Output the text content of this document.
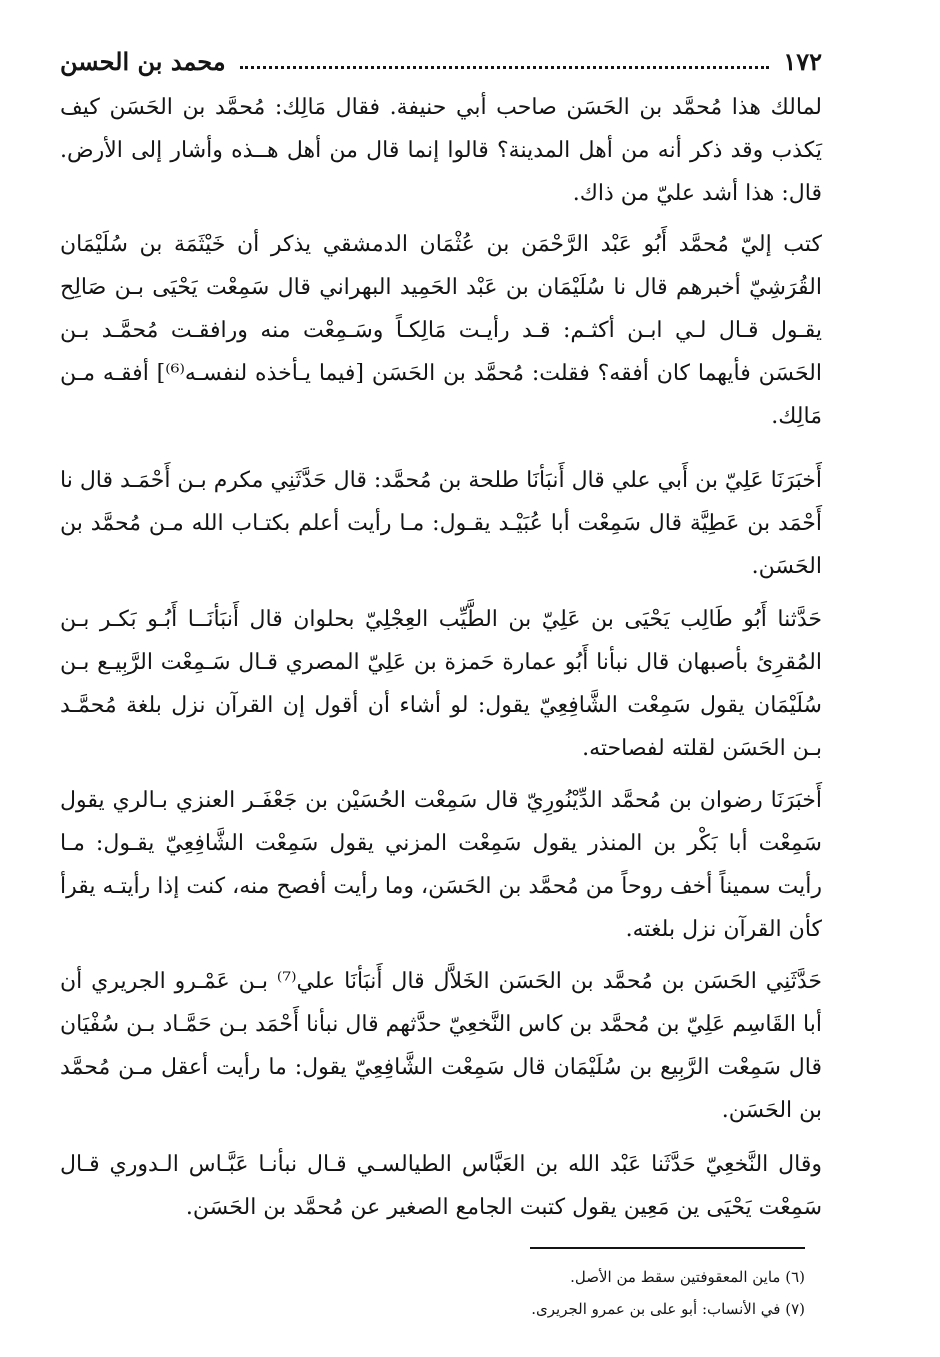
١٧٢
محمد بن الحسن
لمالك هذا مُحمَّد بن الحَسَن صاحب أبي حنيفة. فقال مَالِك: مُحمَّد بن الحَسَن كيف يَكذب وقد ذكر أنه من أهل المدينة؟ قالوا إنما قال من أهل هــذه وأشار إلى الأرض. قال: هذا أشد عليّ من ذاك.
كتب إليّ مُحمَّد أَبُو عَبْد الرَّحْمَن بن عُثْمَان الدمشقي يذكر أن خَيْثَمَة بن سُلَيْمَان القُرَشِيّ أخبرهم قال نا سُلَيْمَان بن عَبْد الحَمِيد البهراني قال سَمِعْت يَحْيَى بـن صَالِح يقـول قـال لـي ابـن أكثـم: قـد رأيـت مَالِكـاً وسَـمِعْت منه ورافقـت مُحمَّـد بـن الحَسَن فأيهما كان أفقه؟ فقلت: مُحمَّد بن الحَسَن [فيما يـأخذه لنفسـه⁽⁶⁾] أفقـه مـن مَالِك.
أَخبَرَنَا عَلِيّ بن أَبي علي قال أَنبَأنَا طلحة بن مُحمَّد: قال حَدَّثَنِي مكرم بـن أَحْمَـد قال نا أَحْمَد بن عَطِيَّة قال سَمِعْت أبا عُبَيْـد يقـول: مـا رأيت أعلم بكتـاب الله مـن مُحمَّد بن الحَسَن.
حَدَّثنا أَبُو طَالِب يَحْيَى بن عَلِيّ بن الطَّيِّب العِجْلِيّ بحلوان قال أَنبَأنَــا أَبُـو بَكـر بـن المُقرِئ بأصبهان قال نبأنا أَبُو عمارة حَمزة بن عَلِيّ المصري قـال سَـمِعْت الرَّبِيـع بـن سُلَيْمَان يقول سَمِعْت الشَّافِعِيّ يقول: لو أشاء أن أقول إن القرآن نزل بلغة مُحمَّـد بـن الحَسَن لقلته لفصاحته.
أَخبَرَنَا رضوان بن مُحمَّد الدِّيْنُورِيّ قال سَمِعْت الحُسَيْن بن جَعْفَـر العنزي بـالري يقول سَمِعْت أبا بَكْر بن المنذر يقول سَمِعْت المزني يقول سَمِعْت الشَّافِعِيّ يقـول: مـا رأيت سميناً أخف روحاً من مُحمَّد بن الحَسَن، وما رأيت أفصح منه، كنت إذا رأيتـه يقرأ كأن القرآن نزل بلغته.
حَدَّثَنِي الحَسَن بن مُحمَّد بن الحَسَن الخَلاَّل قال أَنبَأنَا علي⁽⁷⁾ بـن عَمْـرو الجريري أن أبا القَاسِم عَلِيّ بن مُحمَّد بن كاس النَّخعِيّ حدَّثهم قال نبأنا أَحْمَد بـن حَمَّـاد بـن سُفْيَان قال سَمِعْت الرَّبِيع بن سُلَيْمَان قال سَمِعْت الشَّافِعِيّ يقول: ما رأيت أعقل مـن مُحمَّد بن الحَسَن.
وقال النَّخعِيّ حَدَّثَنا عَبْد الله بن العَبَّاس الطيالسـي قـال نبأنـا عَبَّـاس الـدوري قـال سَمِعْت يَحْيَى ين مَعِين يقول كتبت الجامع الصغير عن مُحمَّد بن الحَسَن.
(٦) ماين المعقوفتين سقط من الأصل.
(٧) في الأنساب: أبو على بن عمرو الجريرى.
